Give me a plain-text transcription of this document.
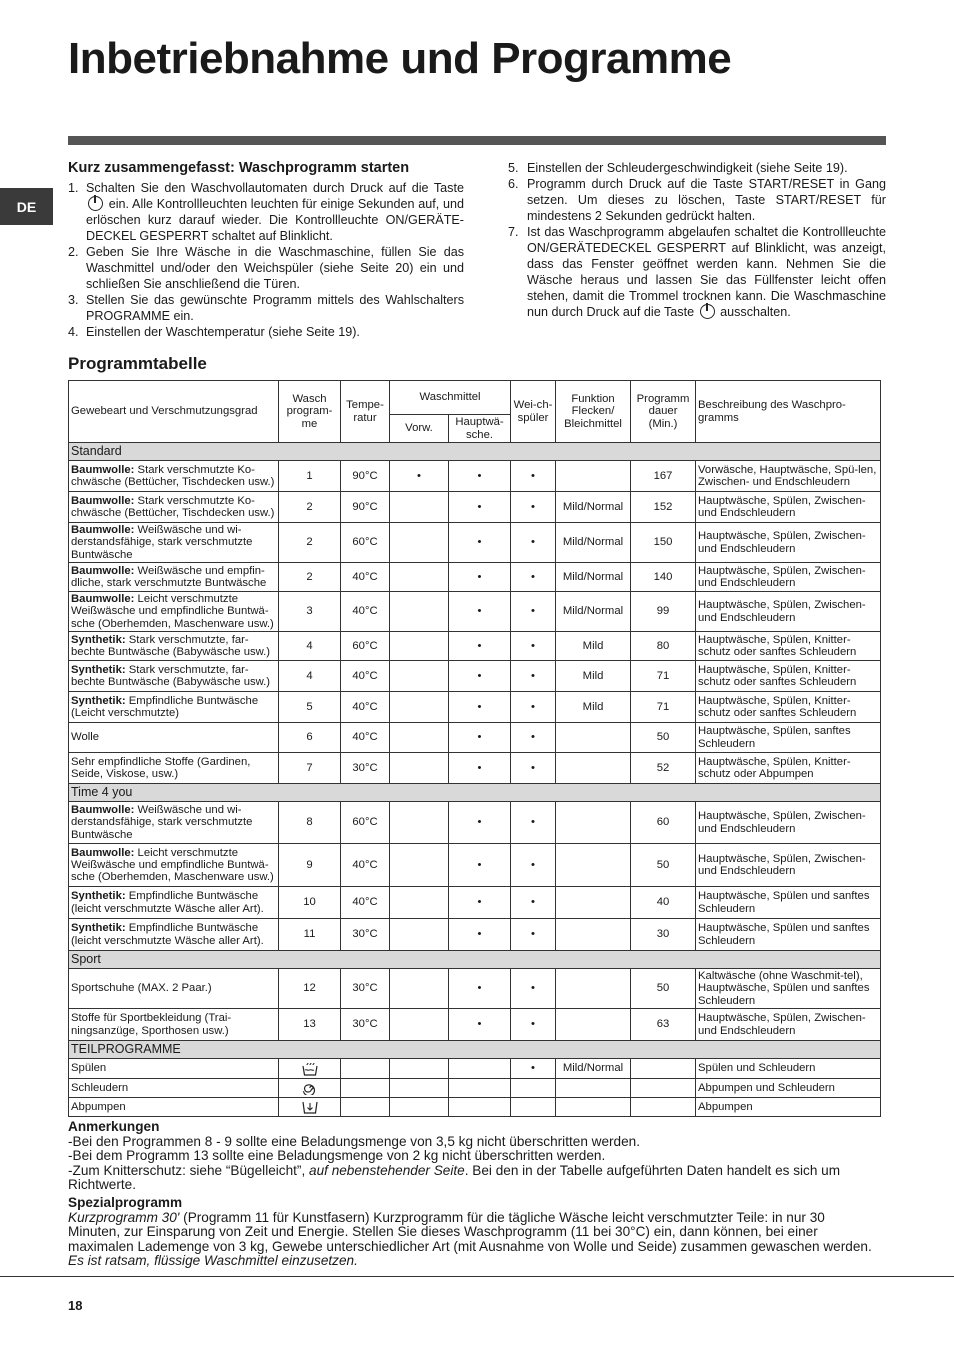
Inbetriebnahme und Programme
DE
Kurz zusammengefasst: Waschprogramm starten
1. Schalten Sie den Waschvollautomaten durch Druck auf die Taste  ein. Alle Kontrollleuchten leuchten für einige Sekunden auf, und erlöschen kurz darauf wieder. Die Kontrollleuchte ON/GERÄTE-DECKEL GESPERRT schaltet auf Blinklicht.
2. Geben Sie Ihre Wäsche in die Waschmaschine, füllen Sie das Waschmittel und/oder den Weichspüler (siehe Seite 20) ein und schließen Sie anschließend die Türen.
3. Stellen Sie das gewünschte Programm mittels des Wahlschalters PROGRAMME ein.
4. Einstellen der Waschtemperatur (siehe Seite 19).
5. Einstellen der Schleudergeschwindigkeit (siehe Seite 19).
6. Programm durch Druck auf die Taste START/RESET in Gang setzen. Um dieses zu löschen, Taste START/RESET für mindestens 2 Sekunden gedrückt halten.
7. Ist das Waschprogramm abgelaufen schaltet die Kontrollleuchte ON/GERÄTEDECKEL GESPERRT auf Blinklicht, was anzeigt, dass das Fenster geöffnet werden kann. Nehmen Sie die Wäsche heraus und lassen Sie das Füllfenster leicht offen stehen, damit die Trommel trocknen kann. Die Waschmaschine nun durch Druck auf die Taste ausschalten.
Programmtabelle
Gewebeart und Verschmutzungsgrad	Wasch program-me	Tempe-ratur	Waschmittel		Wei-ch-spüler	Funktion Flecken/ Bleichmittel	Programm dauer (Min.)	Beschreibung des Waschpro-gramms
			Vorw.	Hauptwä-sche.				
Standard								
Baumwolle: Stark verschmutzte Ko-chwäsche (Bettücher, Tischdecken usw.)	1	90°C	•	•	•		167	Vorwäsche, Hauptwäsche, Spü-len, Zwischen- und Endschleudern
Baumwolle: Stark verschmutzte Ko-chwäsche (Bettücher, Tischdecken usw.)	2	90°C		•	•	Mild/Normal	152	Hauptwäsche, Spülen, Zwischen- und Endschleudern
Baumwolle: Weißwäsche und wi-derstandsfähige, stark verschmutzte Buntwäsche	2	60°C		•	•	Mild/Normal	150	Hauptwäsche, Spülen, Zwischen- und Endschleudern
Baumwolle: Weißwäsche und empfin-dliche, stark verschmutzte Buntwäsche	2	40°C		•	•	Mild/Normal	140	Hauptwäsche, Spülen, Zwischen- und Endschleudern
Baumwolle: Leicht verschmutzte Weißwäsche und empfindliche Buntwä-sche (Oberhemden, Maschenware usw.)	3	40°C		•	•	Mild/Normal	99	Hauptwäsche, Spülen, Zwischen- und Endschleudern
Synthetik: Stark verschmutzte, far-bechte Buntwäsche (Babywäsche usw.)	4	60°C		•	•	Mild	80	Hauptwäsche, Spülen, Knitter-schutz oder sanftes Schleudern
Synthetik: Stark verschmutzte, far-bechte Buntwäsche (Babywäsche usw.)	4	40°C		•	•	Mild	71	Hauptwäsche, Spülen, Knitter-schutz oder sanftes Schleudern
Synthetik: Empfindliche Buntwäsche (Leicht verschmutzte)	5	40°C		•	•	Mild	71	Hauptwäsche, Spülen, Knitter-schutz oder sanftes Schleudern
Wolle	6	40°C		•	•		50	Hauptwäsche, Spülen, sanftes Schleudern
Sehr empfindliche Stoffe (Gardinen, Seide, Viskose, usw.)	7	30°C		•	•		52	Hauptwäsche, Spülen, Knitter-schutz oder Abpumpen
Time 4 you								
Baumwolle: Weißwäsche und wi-derstandsfähige, stark verschmutzte Buntwäsche	8	60°C		•	•		60	Hauptwäsche, Spülen, Zwischen- und Endschleudern
Baumwolle: Leicht verschmutzte Weißwäsche und empfindliche Buntwä-sche (Oberhemden, Maschenware usw.)	9	40°C		•	•		50	Hauptwäsche, Spülen, Zwischen- und Endschleudern
Synthetik: Empfindliche Buntwäsche (leicht verschmutzte Wäsche aller Art).	10	40°C		•	•		40	Hauptwäsche, Spülen und sanftes Schleudern
Synthetik: Empfindliche Buntwäsche (leicht verschmutzte Wäsche aller Art).	11	30°C		•	•		30	Hauptwäsche, Spülen und sanftes Schleudern
Sport								
Sportschuhe (MAX. 2 Paar.)	12	30°C		•	•		50	Kaltwäsche (ohne Waschmit-tel), Hauptwäsche, Spülen und sanftes Schleudern
Stoffe für Sportbekleidung (Trai-ningsanzüge, Sporthosen usw.)	13	30°C		•	•		63	Hauptwäsche, Spülen, Zwischen- und Endschleudern
TEILPROGRAMME								
Spülen					•	Mild/Normal		Spülen und Schleudern
Schleudern								Abpumpen und Schleudern
Abpumpen								Abpumpen

Anmerkungen

-Bei den Programmen 8 - 9 sollte eine Beladungsmenge von 3,5 kg nicht überschritten werden.

-Bei dem Programm 13 sollte eine Beladungsmenge von 2 kg nicht überschritten werden.

-Zum Knitterschutz: siehe “Bügelleicht”, auf nebenstehender Seite. Bei den in der Tabelle aufgeführten Daten handelt es sich um Richtwerte.

Spezialprogramm

Kurzprogramm 30' (Programm 11 für Kunstfasern) Kurzprogramm für die tägliche Wäsche leicht verschmutzter Teile: in nur 30 Minuten, zur Einsparung von Zeit und Energie. Stellen Sie dieses Waschprogramm (11 bei 30°C) ein, dann können, bei einer maximalen Lademenge von 3 kg, Gewebe unterschiedlicher Art (mit Ausnahme von Wolle und Seide) zusammen gewaschen werden. Es ist ratsam, flüssige Waschmittel einzusetzen.

18
